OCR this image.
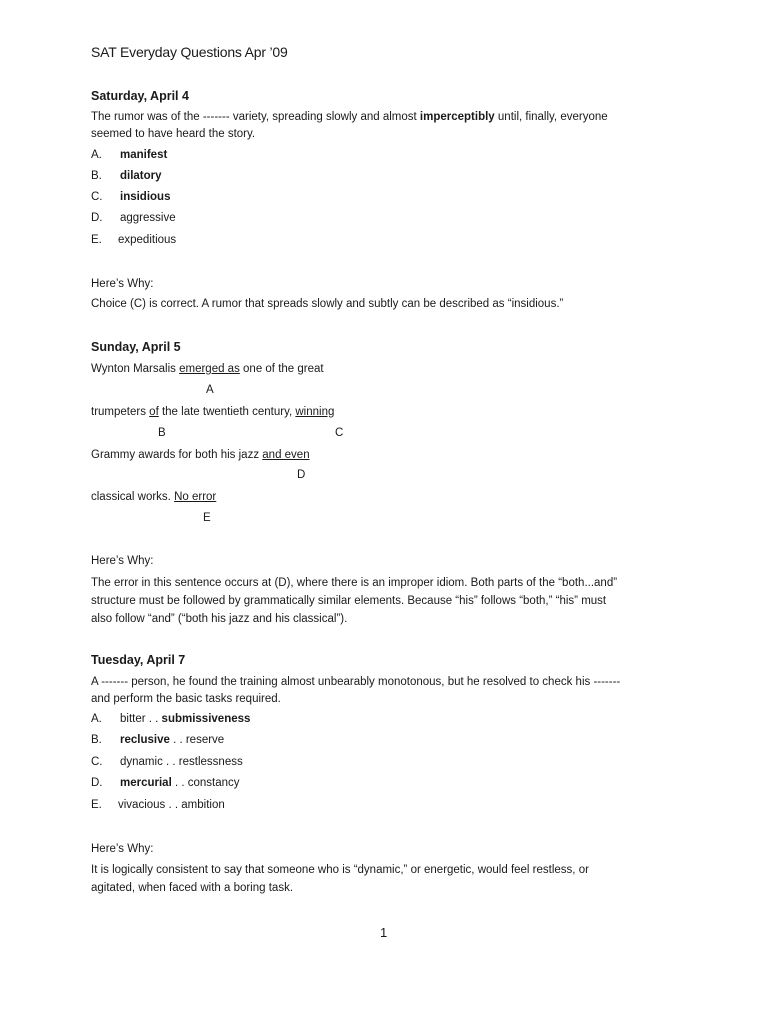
SAT Everyday Questions Apr ’09
Saturday, April 4
The rumor was of the ------- variety, spreading slowly and almost imperceptibly until, finally, everyone
seemed to have heard the story.
A. manifest
B. dilatory
C. insidious
D. aggressive
E. expeditious
Here’s Why:
Choice (C) is correct. A rumor that spreads slowly and subtly can be described as “insidious.”
Sunday, April 5
Wynton Marsalis emerged as one of the great
A
trumpeters of the late twentieth century, winning
B	C
Grammy awards for both his jazz and even
D
classical works. No error
E
Here’s Why:
The error in this sentence occurs at (D), where there is an improper idiom. Both parts of the “both...and”
structure must be followed by grammatically similar elements. Because “his” follows “both,” “his” must
also follow “and” (“both his jazz and his classical”).
Tuesday, April 7
A ------- person, he found the training almost unbearably monotonous, but he resolved to check his -------
and perform the basic tasks required.
A. bitter . . submissiveness
B. reclusive . . reserve
C. dynamic . . restlessness
D. mercurial . . constancy
E. vivacious . . ambition
Here’s Why:
It is logically consistent to say that someone who is “dynamic,” or energetic, would feel restless, or
agitated, when faced with a boring task.
1
